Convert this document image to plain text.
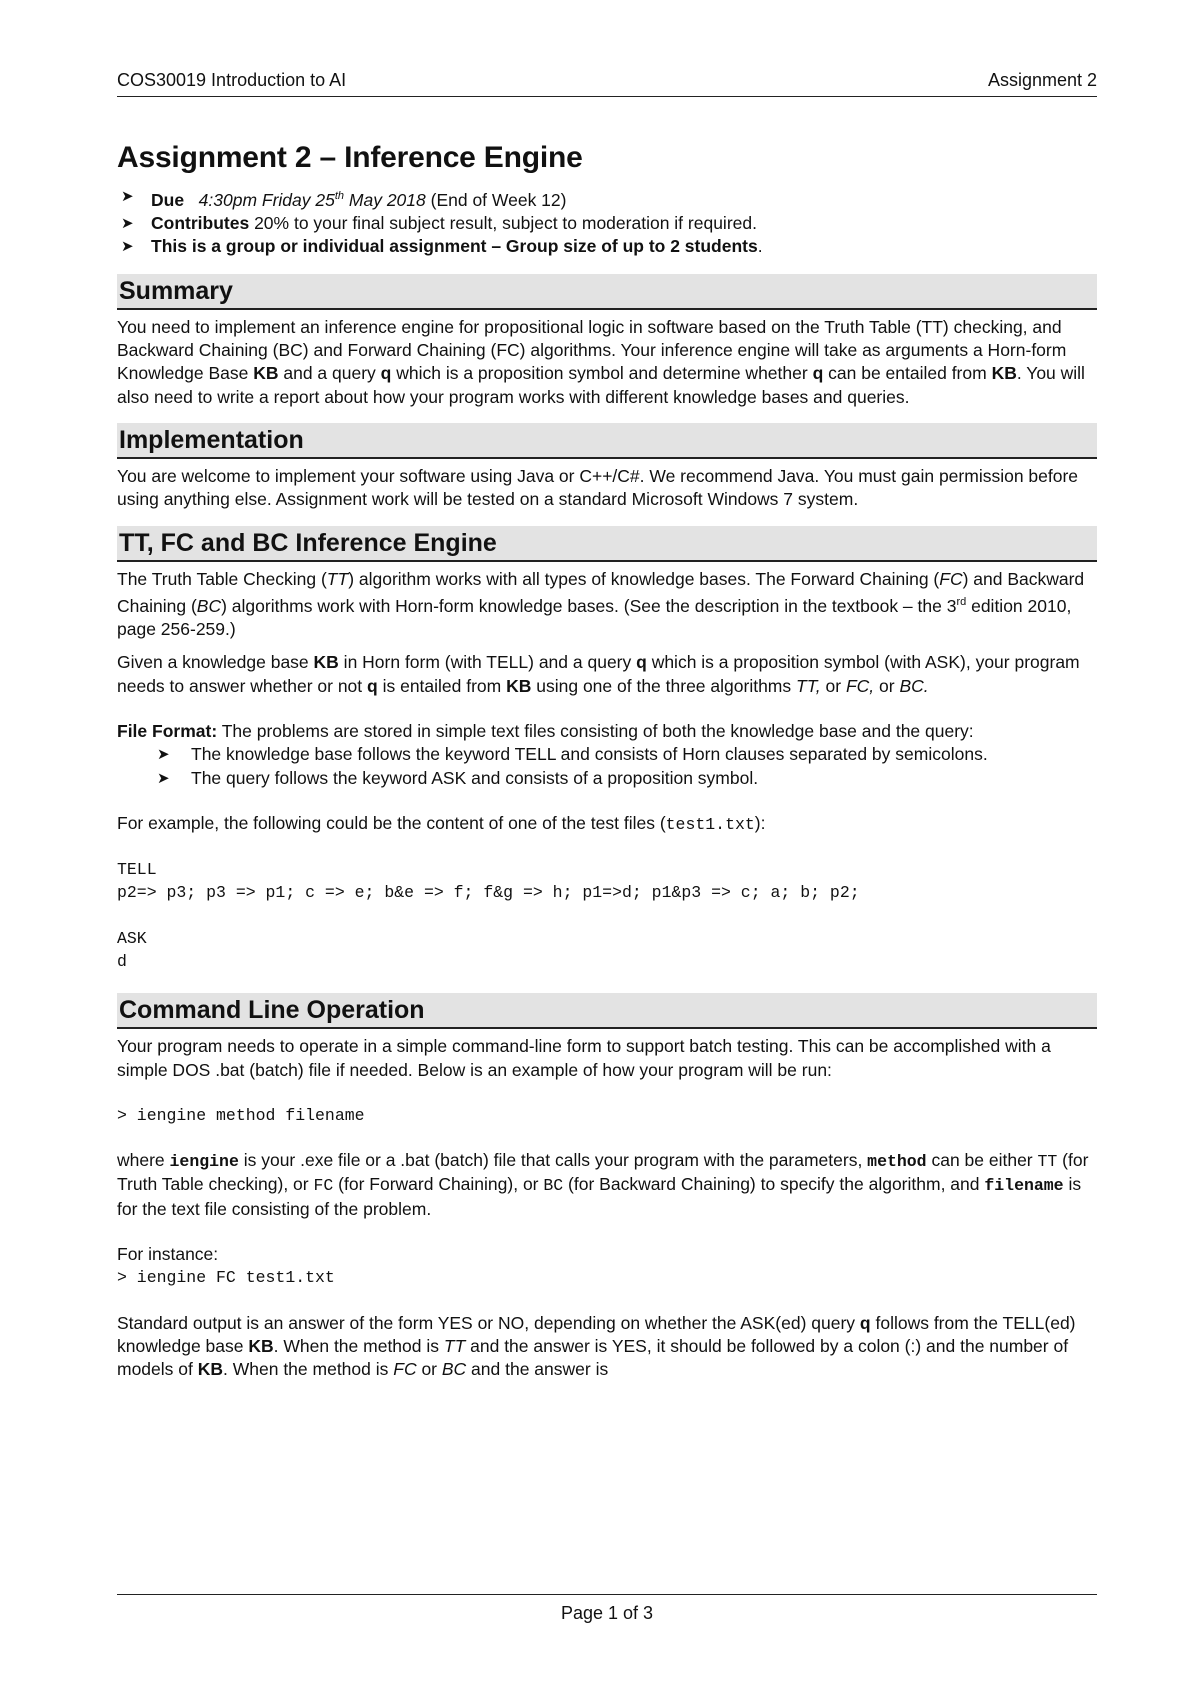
COS30019 Introduction to AI	Assignment 2
Assignment 2 – Inference Engine
➤ Due 4:30pm Friday 25th May 2018 (End of Week 12)
➤ Contributes 20% to your final subject result, subject to moderation if required.
➤ This is a group or individual assignment – Group size of up to 2 students.
Summary

You need to implement an inference engine for propositional logic in software based on the Truth Table (TT) checking, and Backward Chaining (BC) and Forward Chaining (FC) algorithms. Your inference engine will take as arguments a Horn-form Knowledge Base KB and a query q which is a proposition symbol and determine whether q can be entailed from KB. You will also need to write a report about how your program works with different knowledge bases and queries.

Implementation

You are welcome to implement your software using Java or C++/C#. We recommend Java. You must gain permission before using anything else. Assignment work will be tested on a standard Microsoft Windows 7 system.

TT, FC and BC Inference Engine

The Truth Table Checking (TT) algorithm works with all types of knowledge bases. The Forward Chaining (FC) and Backward Chaining (BC) algorithms work with Horn-form knowledge bases. (See the description in the textbook – the 3rd edition 2010, page 256-259.)

Given a knowledge base KB in Horn form (with TELL) and a query q which is a proposition symbol (with ASK), your program needs to answer whether or not q is entailed from KB using one of the three algorithms TT, or FC, or BC.

File Format: The problems are stored in simple text files consisting of both the knowledge base and the query:

➤ The knowledge base follows the keyword TELL and consists of Horn clauses separated by semicolons.
➤ The query follows the keyword ASK and consists of a proposition symbol.

For example, the following could be the content of one of the test files (test1.txt):

TELL
p2=> p3; p3 => p1; c => e; b&e => f; f&g => h; p1=>d; p1&p3 => c; a; b; p2;
ASK
d
Command Line Operation

Your program needs to operate in a simple command-line form to support batch testing. This can be accomplished with a simple DOS .bat (batch) file if needed. Below is an example of how your program will be run:

> iengine method filename

where iengine is your .exe file or a .bat (batch) file that calls your program with the parameters, method can be either TT (for Truth Table checking), or FC (for Forward Chaining), or BC (for Backward Chaining) to specify the algorithm, and filename is for the text file consisting of the problem.

For instance:

> iengine FC test1.txt

Standard output is an answer of the form YES or NO, depending on whether the ASK(ed) query q follows from the TELL(ed) knowledge base KB. When the method is TT and the answer is YES, it should be followed by a colon (:) and the number of models of KB. When the method is FC or BC and the answer is

Page 1 of 3
